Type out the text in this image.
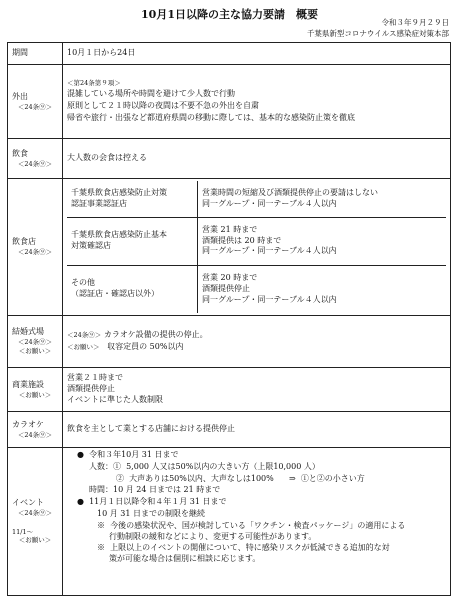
10月1日以降の主な協力要請　概要
令和３年９月２９日
千葉県新型コロナウイルス感染症対策本部
期間	10月１日から24日

外出
＜24条⑨＞

＜第24条第９項＞
混雑している場所や時間を避けて少人数で行動
原則として２１時以降の夜間は不要不急の外出を自粛
帰省や旅行・出張など都道府県間の移動に際しては、基本的な感染防止策を徹底

飲食
＜24条⑨＞
	大人数の会食は控える

飲食店
＜24条⑨＞

千葉県飲食店感染防止対策
認証事業認証店

営業時間の短縮及び酒類提供停止の要請はしない
同一グループ・同一テーブル４人以内

千葉県飲食店感染防止基本
対策確認店

営業 21 時まで
酒類提供は 20 時まで
同一グループ・同一テーブル４人以内

その他
（認証店・確認店以外）

営業 20 時まで
酒類提供停止
同一グループ・同一テーブル４人以内

結婚式場
＜24条⑨＞
＜お願い＞

＜24条⑨＞ カラオケ設備の提供の停止。
＜お願い＞ 収容定員の 50%以内

商業施設
＜お願い＞

営業２１時まで
酒類提供停止
イベントに準じた人数制限

カラオケ
＜24条⑨＞
	飲食を主として業とする店舗における提供停止

イベント
＜24条⑨＞
11/1～
＜お願い＞

● 令和３年10月 31 日まで
人数：① 5,000 人又は50%以内の大きい方（上限10,000 人）
② 大声ありは50%以内、大声なしは100% ⇒ ①と②の小さい方
時間：10 月 24 日までは 21 時まで
● 11月１日以降令和４年１月 31 日まで
10 月 31 日までの制限を継続
※ 今後の感染状況や、国が検討している「ワクチン・検査パッケージ」の適用による
行動制限の緩和などにより、変更する可能性があります。
※ 上限以上のイベントの開催について、特に感染リスクが低減できる追加的な対
策が可能な場合は個別に相談に応じます。
